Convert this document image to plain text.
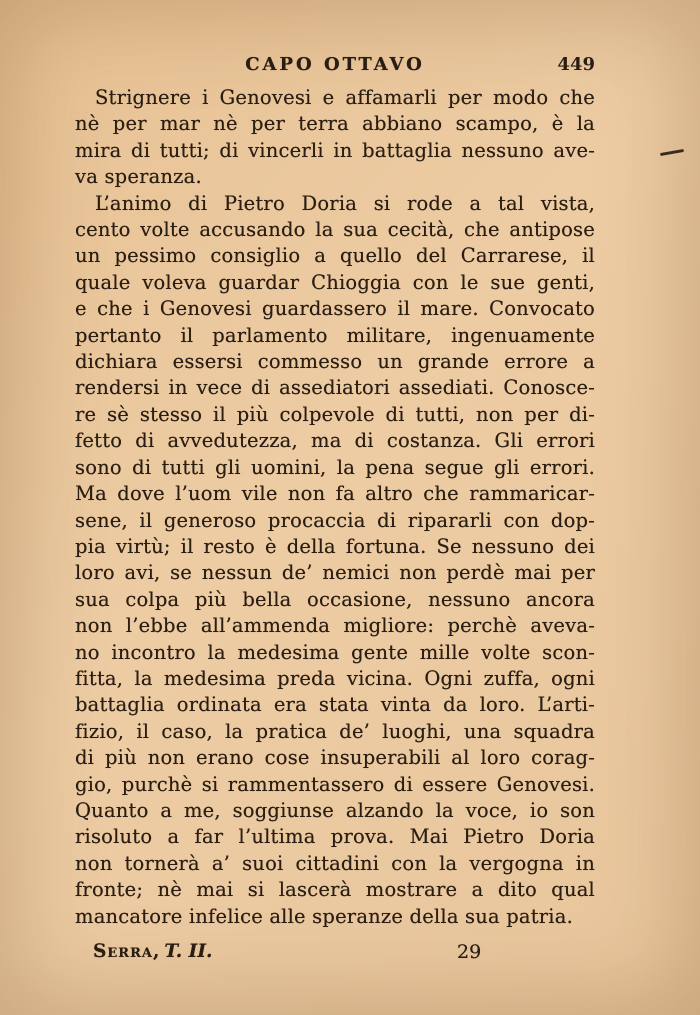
CAPO OTTAVO	449
Strignere i Genovesi e affamarli per modo che
nè per mar nè per terra abbiano scampo, è la
mira di tutti; di vincerli in battaglia nessuno ave-
va speranza.
L’animo di Pietro Doria si rode a tal vista,
cento volte accusando la sua cecità, che antipose
un pessimo consiglio a quello del Carrarese, il
quale voleva guardar Chioggia con le sue genti,
e che i Genovesi guardassero il mare. Convocato
pertanto il parlamento militare, ingenuamente
dichiara essersi commesso un grande errore a
rendersi in vece di assediatori assediati. Conosce-
re sè stesso il più colpevole di tutti, non per di-
fetto di avvedutezza, ma di costanza. Gli errori
sono di tutti gli uomini, la pena segue gli errori.
Ma dove l’uom vile non fa altro che rammaricar-
sene, il generoso procaccia di ripararli con dop-
pia virtù; il resto è della fortuna. Se nessuno dei
loro avi, se nessun de’ nemici non perdè mai per
sua colpa più bella occasione, nessuno ancora
non l’ebbe all’ammenda migliore: perchè aveva-
no incontro la medesima gente mille volte scon-
fitta, la medesima preda vicina. Ogni zuffa, ogni
battaglia ordinata era stata vinta da loro. L’arti-
fizio, il caso, la pratica de’ luoghi, una squadra
di più non erano cose insuperabili al loro corag-
gio, purchè si rammentassero di essere Genovesi.
Quanto a me, soggiunse alzando la voce, io son
risoluto a far l’ultima prova. Mai Pietro Doria
non tornerà a’ suoi cittadini con la vergogna in
fronte; nè mai si lascerà mostrare a dito qual
mancatore infelice alle speranze della sua patria.
Serra, T. II.	29
